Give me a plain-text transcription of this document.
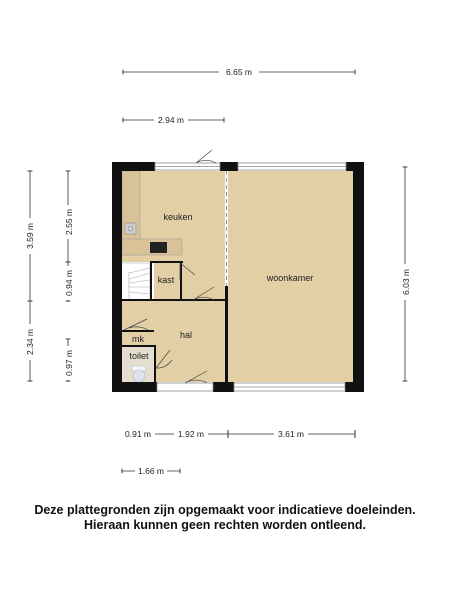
6.65 m
2.94 m
3.59 m
2.34 m
2.55 m
0.94 m
0.97 m
6.03 m
0.91 m	1.92 m	3.61 m
1.66 m
keuken
kast	woonkamer
hal
mk
toilet
Deze plattegronden zijn opgemaakt voor indicatieve doeleinden.
Hieraan kunnen geen rechten worden ontleend.
